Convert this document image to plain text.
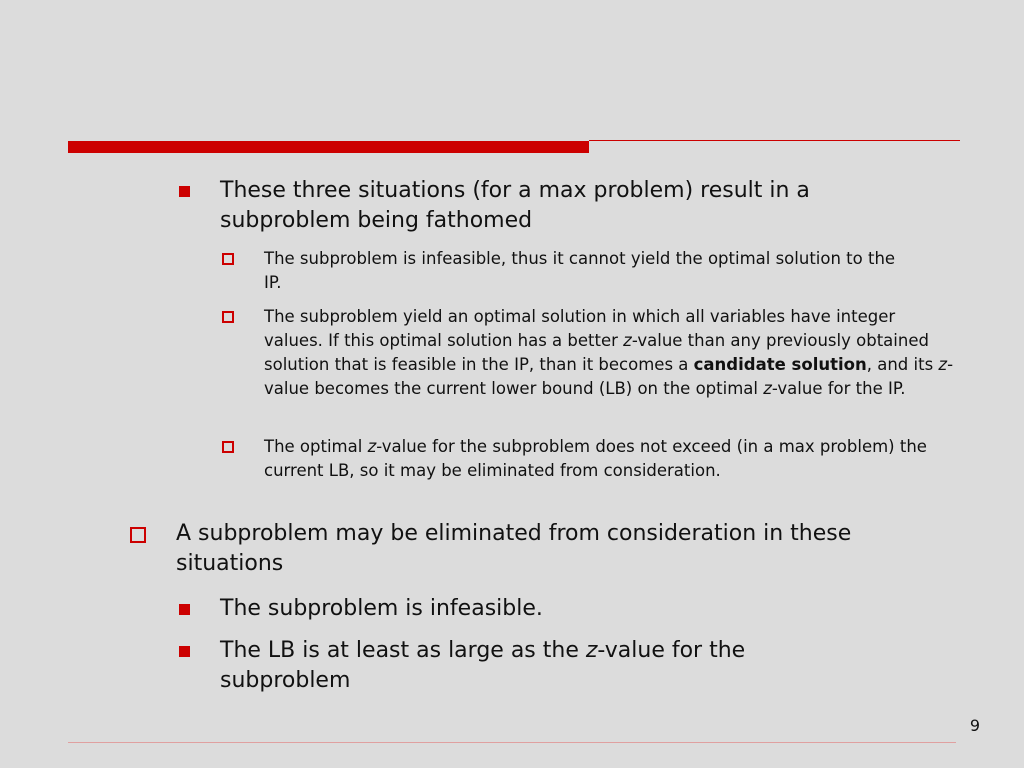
These three situations (for a max problem) result in a subproblem being fathomed
The subproblem is infeasible, thus it cannot yield the optimal solution to the IP.
The subproblem yield an optimal solution in which all variables have integer values. If this optimal solution has a better z-value than any previously obtained solution that is feasible in the IP, than it becomes a candidate solution, and its z-value becomes the current lower bound (LB) on the optimal z-value for the IP.
The optimal z-value for the subproblem does not exceed (in a max problem) the current LB, so it may be eliminated from consideration.
A subproblem may be eliminated from consideration in these situations
The subproblem is infeasible.
The LB is at least as large as the z-value for the subproblem
9
